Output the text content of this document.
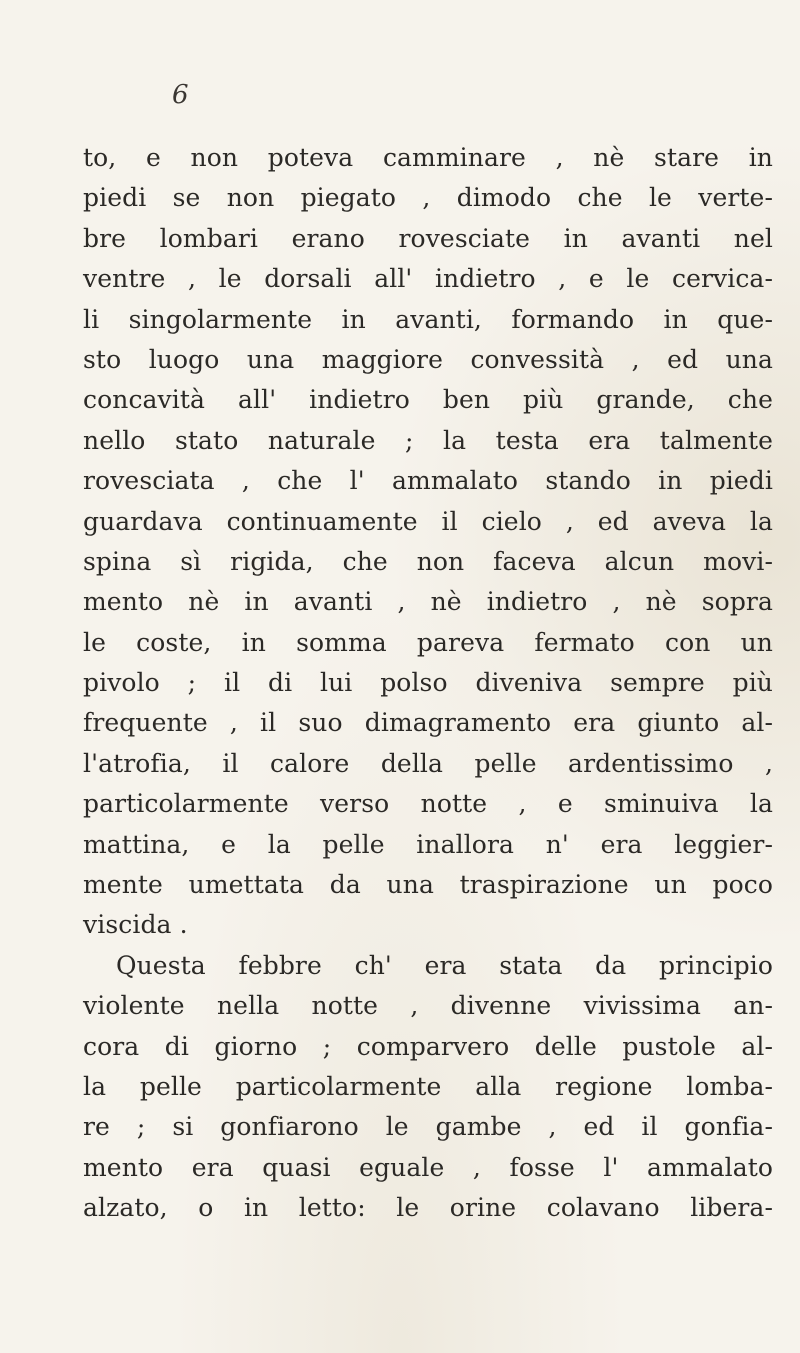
6
to, e non poteva camminare , nè stare in
piedi se non piegato , dimodo che le verte-
bre lombari erano rovesciate in avanti nel
ventre , le dorsali all' indietro , e le cervica-
li singolarmente in avanti, formando in que-
sto luogo una maggiore convessità , ed una
concavità all' indietro ben più grande, che
nello stato naturale ; la testa era talmente
rovesciata , che l' ammalato stando in piedi
guardava continuamente il cielo , ed aveva la
spina sì rigida, che non faceva alcun movi-
mento nè in avanti , nè indietro , nè sopra
le coste, in somma pareva fermato con un
pivolo ; il di lui polso diveniva sempre più
frequente , il suo dimagramento era giunto al-
l'atrofia, il calore della pelle ardentissimo ,
particolarmente verso notte , e sminuiva la
mattina, e la pelle inallora n' era leggier-
mente umettata da una traspirazione un poco
viscida .
Questa febbre ch' era stata da principio
violente nella notte , divenne vivissima an-
cora di giorno ; comparvero delle pustole al-
la pelle particolarmente alla regione lomba-
re ; si gonfiarono le gambe , ed il gonfia-
mento era quasi eguale , fosse l' ammalato
alzato, o in letto: le orine colavano libera-
